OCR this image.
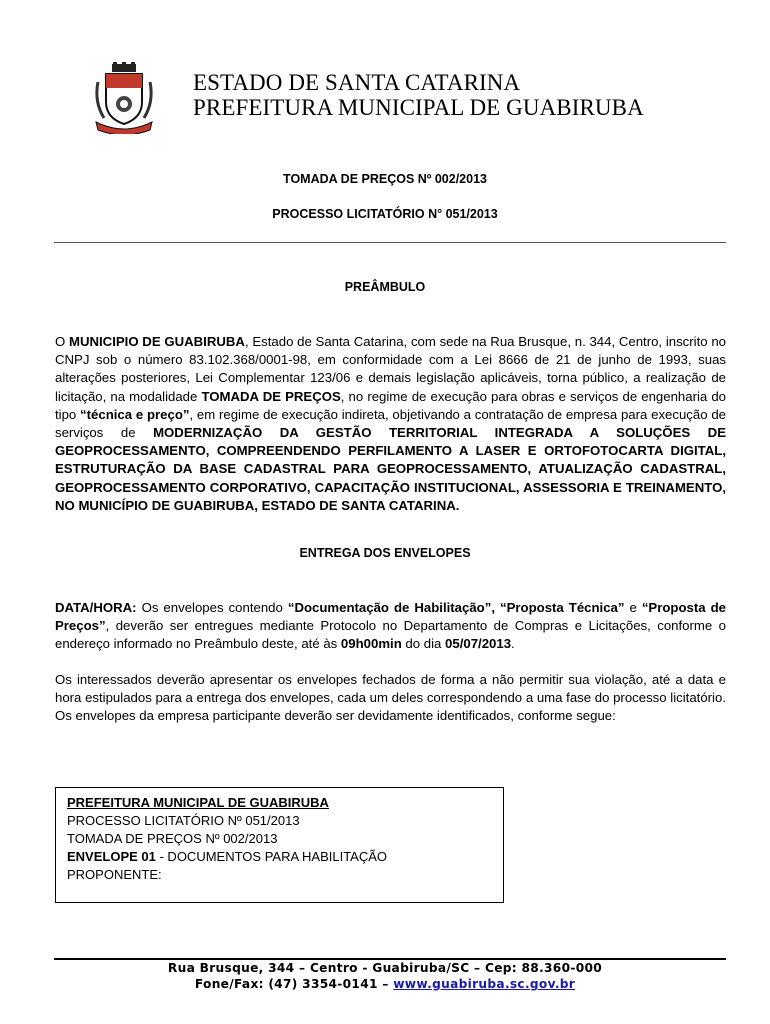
ESTADO DE SANTA CATARINA
PREFEITURA MUNICIPAL DE GUABIRUBA
TOMADA DE PREÇOS Nº 002/2013
PROCESSO LICITATÓRIO N° 051/2013
PREÂMBULO
O MUNICIPIO DE GUABIRUBA, Estado de Santa Catarina, com sede na Rua Brusque, n. 344, Centro, inscrito no CNPJ sob o número 83.102.368/0001-98, em conformidade com a Lei 8666 de 21 de junho de 1993, suas alterações posteriores, Lei Complementar 123/06 e demais legislação aplicáveis, torna público, a realização de licitação, na modalidade TOMADA DE PREÇOS, no regime de execução para obras e serviços de engenharia do tipo “técnica e preço”, em regime de execução indireta, objetivando a contratação de empresa para execução de serviços de MODERNIZAÇÃO DA GESTÃO TERRITORIAL INTEGRADA A SOLUÇÕES DE GEOPROCESSAMENTO, COMPREENDENDO PERFILAMENTO A LASER E ORTOFOTOCARTA DIGITAL, ESTRUTURAÇÃO DA BASE CADASTRAL PARA GEOPROCESSAMENTO, ATUALIZAÇÃO CADASTRAL, GEOPROCESSAMENTO CORPORATIVO, CAPACITAÇÃO INSTITUCIONAL, ASSESSORIA E TREINAMENTO, NO MUNICÍPIO DE GUABIRUBA, ESTADO DE SANTA CATARINA.
ENTREGA DOS ENVELOPES
DATA/HORA: Os envelopes contendo “Documentação de Habilitação”, “Proposta Técnica” e “Proposta de Preços”, deverão ser entregues mediante Protocolo no Departamento de Compras e Licitações, conforme o endereço informado no Preâmbulo deste, até às 09h00min do dia 05/07/2013.
Os interessados deverão apresentar os envelopes fechados de forma a não permitir sua violação, até a data e hora estipulados para a entrega dos envelopes, cada um deles correspondendo a uma fase do processo licitatório. Os envelopes da empresa participante deverão ser devidamente identificados, conforme segue:
PREFEITURA MUNICIPAL DE GUABIRUBA
PROCESSO LICITATÓRIO Nº 051/2013
TOMADA DE PREÇOS Nº 002/2013
ENVELOPE 01 - DOCUMENTOS PARA HABILITAÇÃO
PROPONENTE:
Rua Brusque, 344 – Centro - Guabiruba/SC – Cep: 88.360-000
Fone/Fax: (47) 3354-0141 – www.guabiruba.sc.gov.br
